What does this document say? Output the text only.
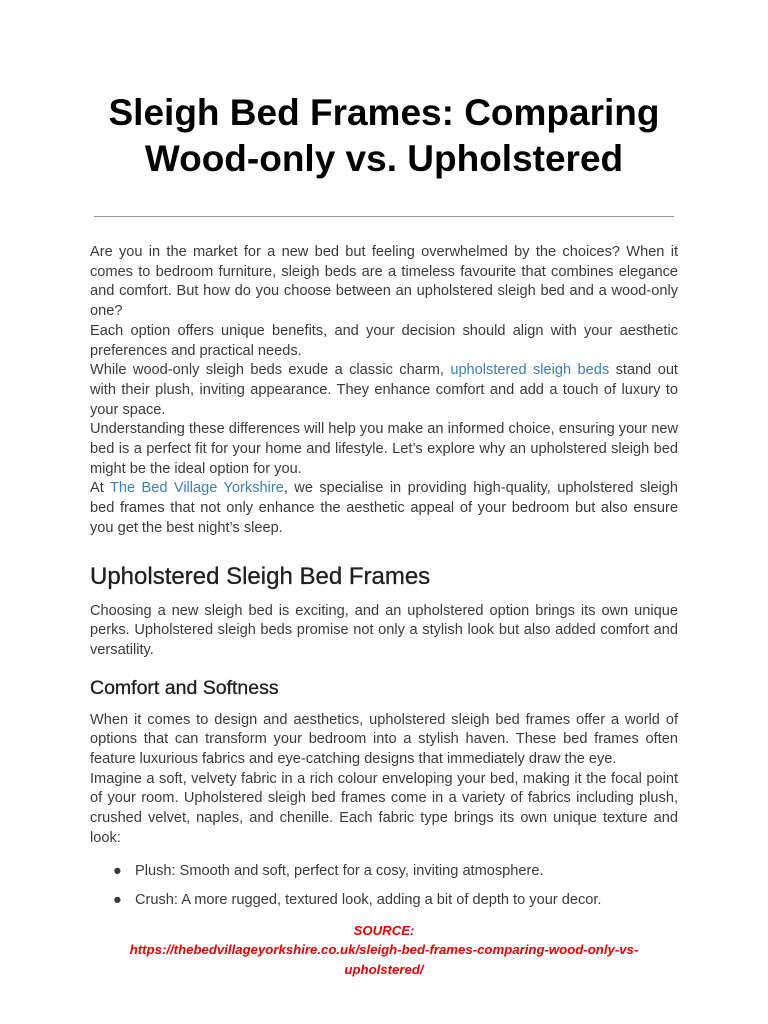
Sleigh Bed Frames: Comparing Wood-only vs. Upholstered

Are you in the market for a new bed but feeling overwhelmed by the choices? When it comes to bedroom furniture, sleigh beds are a timeless favourite that combines elegance and comfort. But how do you choose between an upholstered sleigh bed and a wood-only one?

Each option offers unique benefits, and your decision should align with your aesthetic preferences and practical needs.

While wood-only sleigh beds exude a classic charm, upholstered sleigh beds stand out with their plush, inviting appearance. They enhance comfort and add a touch of luxury to your space.

Understanding these differences will help you make an informed choice, ensuring your new bed is a perfect fit for your home and lifestyle. Let’s explore why an upholstered sleigh bed might be the ideal option for you.

At The Bed Village Yorkshire, we specialise in providing high-quality, upholstered sleigh bed frames that not only enhance the aesthetic appeal of your bedroom but also ensure you get the best night’s sleep.

Upholstered Sleigh Bed Frames

Choosing a new sleigh bed is exciting, and an upholstered option brings its own unique perks. Upholstered sleigh beds promise not only a stylish look but also added comfort and versatility.

Comfort and Softness

When it comes to design and aesthetics, upholstered sleigh bed frames offer a world of options that can transform your bedroom into a stylish haven. These bed frames often feature luxurious fabrics and eye-catching designs that immediately draw the eye.

Imagine a soft, velvety fabric in a rich colour enveloping your bed, making it the focal point of your room. Upholstered sleigh bed frames come in a variety of fabrics including plush, crushed velvet, naples, and chenille. Each fabric type brings its own unique texture and look:

● Plush: Smooth and soft, perfect for a cosy, inviting atmosphere.
● Crush: A more rugged, textured look, adding a bit of depth to your decor.
SOURCE:
https://thebedvillageyorkshire.co.uk/sleigh-bed-frames-comparing-wood-only-vs-upholstered/
